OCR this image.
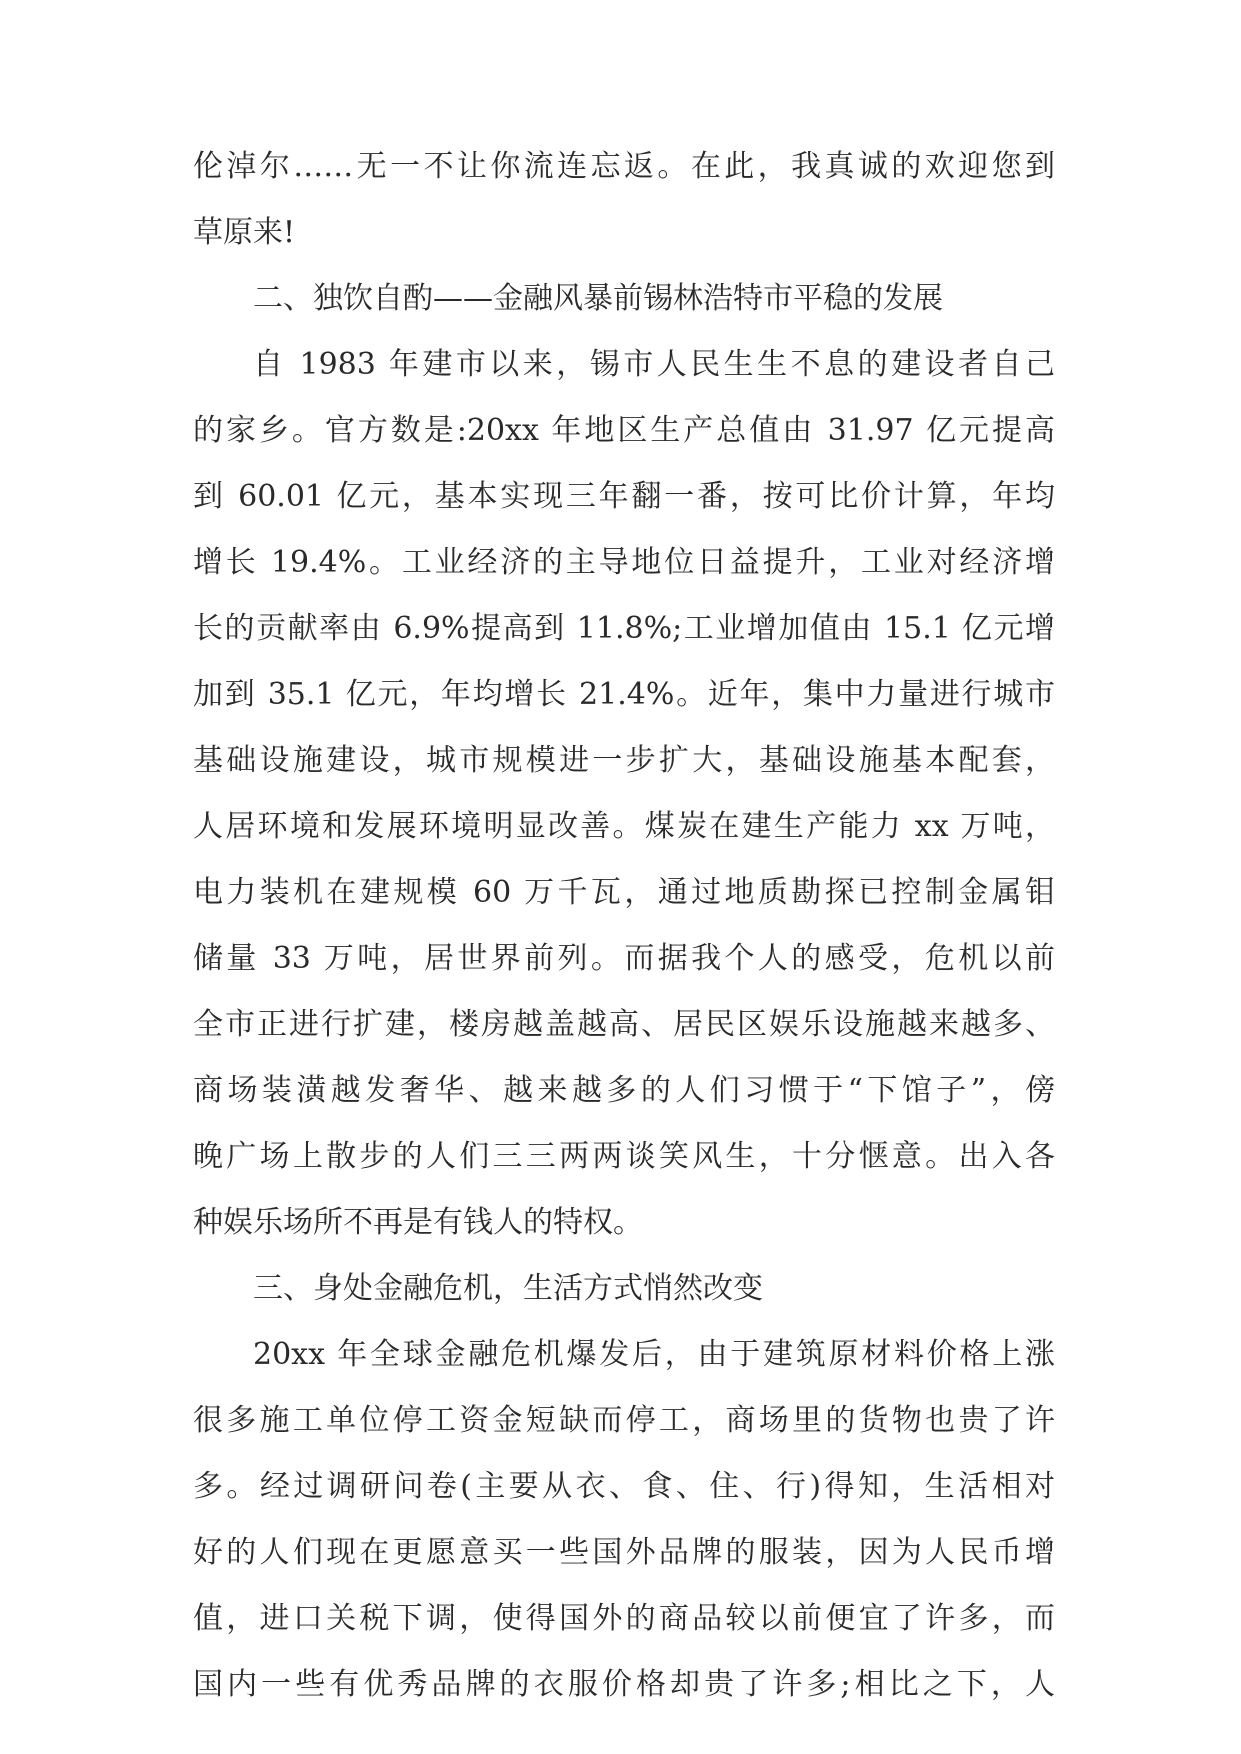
伦淖尔……无一不让你流连忘返。在此，我真诚的欢迎您到
草原来!
二、独饮自酌——金融风暴前锡林浩特市平稳的发展
自 1983 年建市以来，锡市人民生生不息的建设者自己
的家乡。官方数是:20xx 年地区生产总值由 31.97 亿元提高
到 60.01 亿元，基本实现三年翻一番，按可比价计算，年均
增长 19.4%。工业经济的主导地位日益提升，工业对经济增
长的贡献率由 6.9%提高到 11.8%;工业增加值由 15.1 亿元增
加到 35.1 亿元，年均增长 21.4%。近年，集中力量进行城市
基础设施建设，城市规模进一步扩大，基础设施基本配套，
人居环境和发展环境明显改善。煤炭在建生产能力 xx 万吨，
电力装机在建规模 60 万千瓦，通过地质勘探已控制金属钼
储量 33 万吨，居世界前列。而据我个人的感受，危机以前
全市正进行扩建，楼房越盖越高、居民区娱乐设施越来越多、
商场装潢越发奢华、越来越多的人们习惯于“下馆子”，傍
晚广场上散步的人们三三两两谈笑风生，十分惬意。出入各
种娱乐场所不再是有钱人的特权。
三、身处金融危机，生活方式悄然改变
20xx 年全球金融危机爆发后，由于建筑原材料价格上涨
很多施工单位停工资金短缺而停工，商场里的货物也贵了许
多。经过调研问卷(主要从衣、食、住、行)得知，生活相对
好的人们现在更愿意买一些国外品牌的服装，因为人民币增
值，进口关税下调，使得国外的商品较以前便宜了许多，而
国内一些有优秀品牌的衣服价格却贵了许多;相比之下，人
